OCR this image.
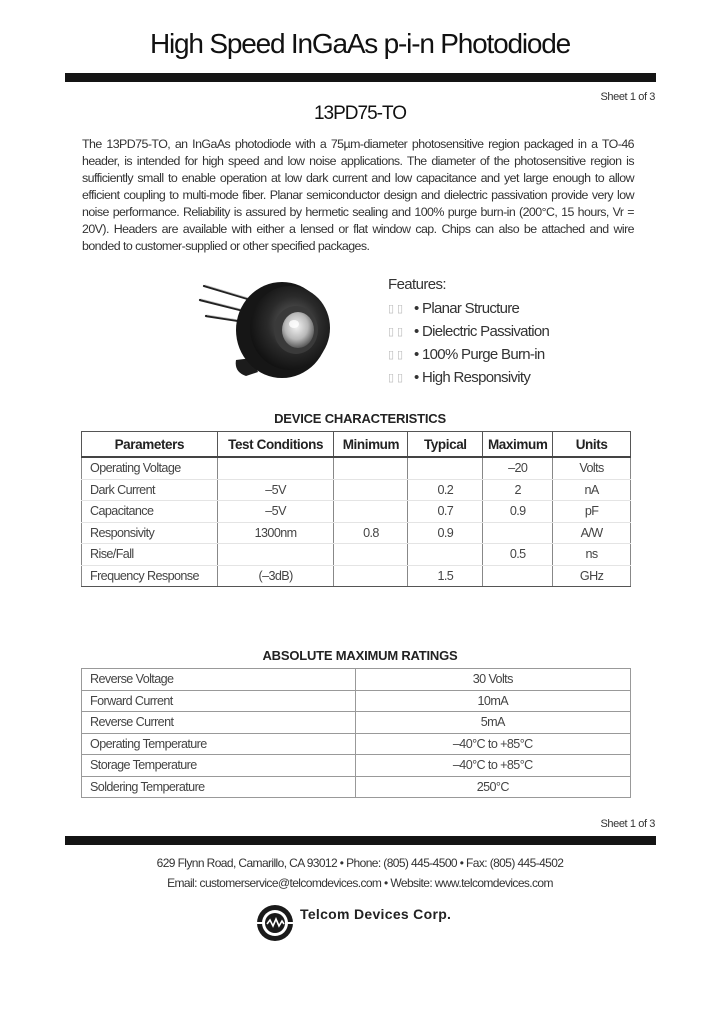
High Speed InGaAs p-i-n Photodiode
Sheet 1 of 3
13PD75-TO
The 13PD75-TO, an InGaAs photodiode with a 75µm-diameter photosensitive region packaged in a TO-46 header, is intended for high speed and low noise applications. The diameter of the photosensitive region is sufficiently small to enable operation at low dark current and low capacitance and yet large enough to allow efficient coupling to multi-mode fiber. Planar semiconductor design and dielectric passivation provide very low noise performance. Reliability is assured by hermetic sealing and 100% purge burn-in (200°C, 15 hours, Vr = 20V). Headers are available with either a lensed or flat window cap. Chips can also be attached and wire bonded to customer-supplied or other specified packages.
Features:
▯▯ • Planar Structure
▯▯ • Dielectric Passivation
▯▯ • 100% Purge Burn-in
▯▯ • High Responsivity
DEVICE CHARACTERISTICS
Parameters	Test Conditions	Minimum	Typical	Maximum	Units
Operating Voltage				–20	Volts
Dark Current	–5V		0.2	2	nA
Capacitance	–5V		0.7	0.9	pF
Responsivity	1300nm	0.8	0.9		A/W
Rise/Fall				0.5	ns
Frequency Response	(–3dB)		1.5		GHz
ABSOLUTE MAXIMUM RATINGS
Reverse Voltage	30 Volts
Forward Current	10mA
Reverse Current	5mA
Operating Temperature	–40°C to +85°C
Storage Temperature	–40°C to +85°C
Soldering Temperature	250°C
Sheet 1 of 3
629 Flynn Road, Camarillo, CA 93012 • Phone: (805) 445-4500 • Fax: (805) 445-4502
Email: customerservice@telcomdevices.com • Website: www.telcomdevices.com
Telcom Devices Corp.
